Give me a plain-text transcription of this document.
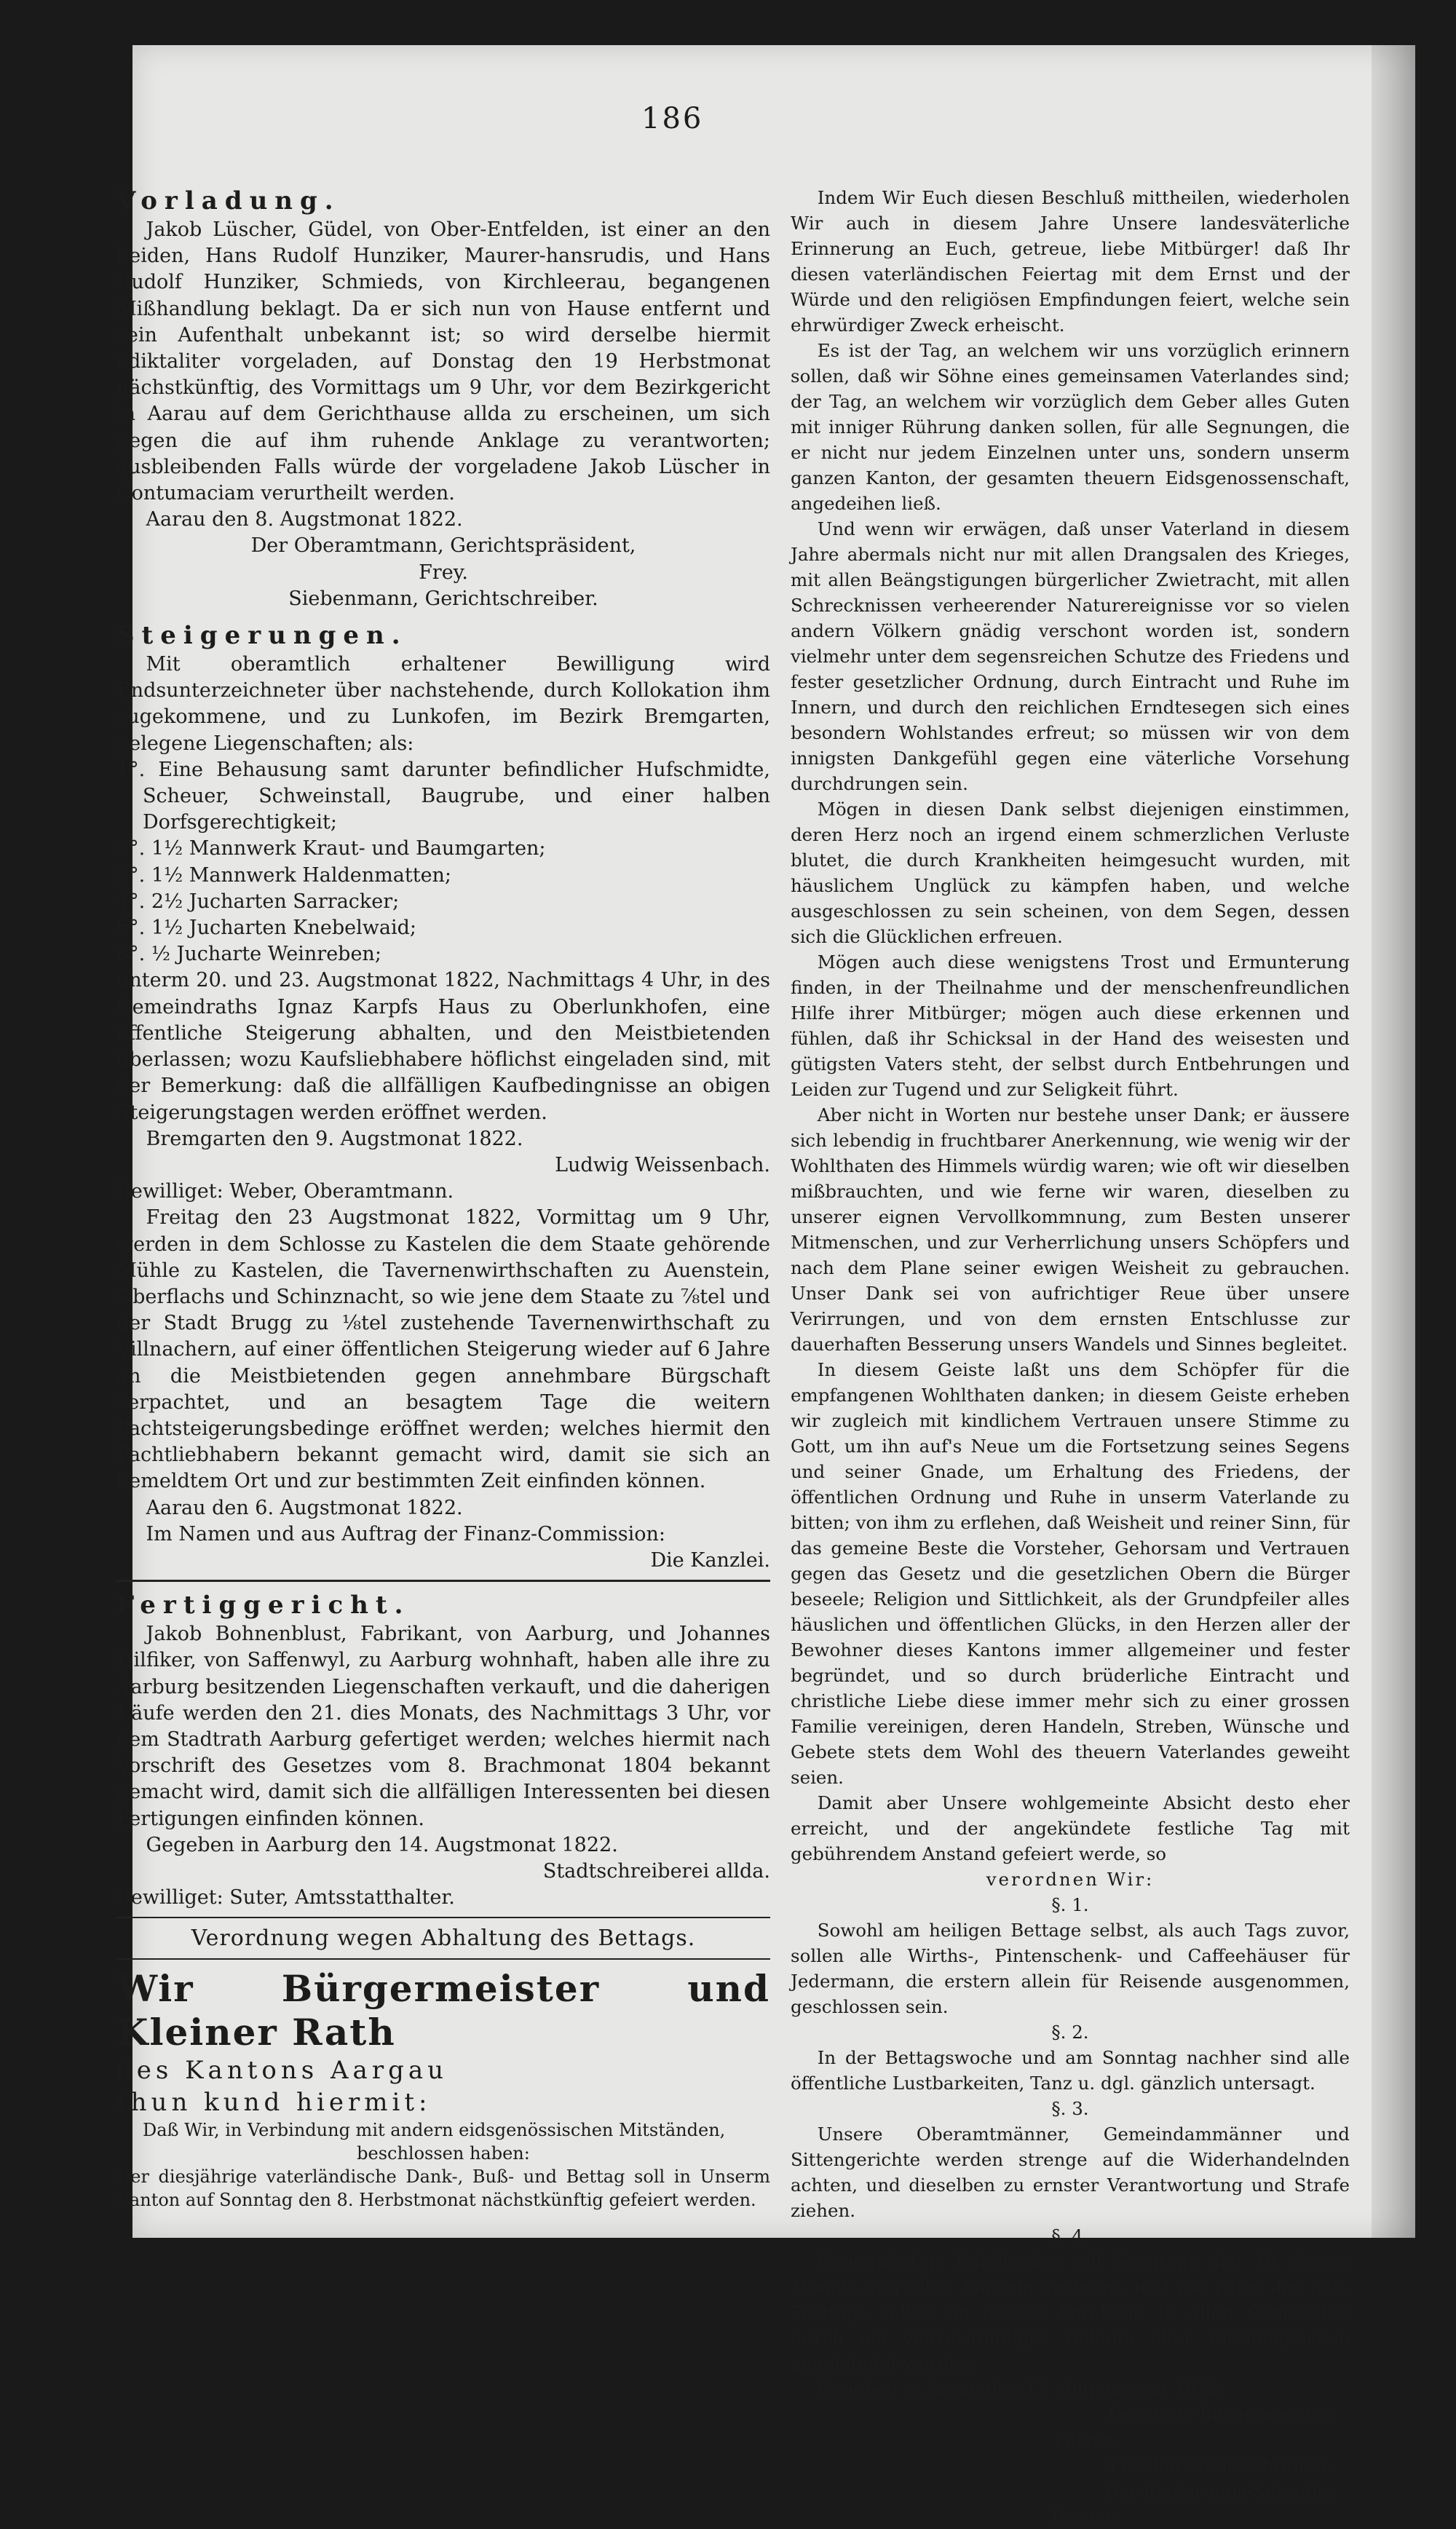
186

Vorladung.

Jakob Lüscher, Güdel, von Ober-Entfelden, ist einer an den beiden, Hans Rudolf Hunziker, Maurer-hansrudis, und Hans Rudolf Hunziker, Schmieds, von Kirchleerau, begangenen Mißhandlung beklagt. Da er sich nun von Hause entfernt und sein Aufenthalt unbekannt ist; so wird derselbe hiermit ediktaliter vorgeladen, auf Donstag den 19 Herbstmonat nächstkünftig, des Vormittags um 9 Uhr, vor dem Bezirkgericht in Aarau auf dem Gerichthause allda zu erscheinen, um sich gegen die auf ihm ruhende Anklage zu verantworten; ausbleibenden Falls würde der vorgeladene Jakob Lüscher in Contumaciam verurtheilt werden.

Aarau den 8. Augstmonat 1822.

Der Oberamtmann, Gerichtspräsident,

Frey.

Siebenmann, Gerichtschreiber.

Steigerungen.

Mit oberamtlich erhaltener Bewilligung wird Endsunterzeichneter über nachstehende, durch Kollokation ihm zugekommene, und zu Lunkofen, im Bezirk Bremgarten, gelegene Liegenschaften; als:

1°. Eine Behausung samt darunter befindlicher Hufschmidte, Scheuer, Schweinstall, Baugrube, und einer halben Dorfsgerechtigkeit;

2°. 1½ Mannwerk Kraut- und Baumgarten;

3°. 1½ Mannwerk Haldenmatten;

4°. 2½ Jucharten Sarracker;

5°. 1½ Jucharten Knebelwaid;

6°. ½ Jucharte Weinreben;

unterm 20. und 23. Augstmonat 1822, Nachmittags 4 Uhr, in des Gemeindraths Ignaz Karpfs Haus zu Oberlunkhofen, eine öffentliche Steigerung abhalten, und den Meistbietenden überlassen; wozu Kaufsliebhabere höflichst eingeladen sind, mit der Bemerkung: daß die allfälligen Kaufbedingnisse an obigen Steigerungstagen werden eröffnet werden.

Bremgarten den 9. Augstmonat 1822.

Ludwig Weissenbach.

Bewilliget: Weber, Oberamtmann.

Freitag den 23 Augstmonat 1822, Vormittag um 9 Uhr, werden in dem Schlosse zu Kastelen die dem Staate gehörende Mühle zu Kastelen, die Tavernenwirthschaften zu Auenstein, Oberflachs und Schinznacht, so wie jene dem Staate zu ⅞tel und der Stadt Brugg zu ⅛tel zustehende Tavernenwirthschaft zu Villnachern, auf einer öffentlichen Steigerung wieder auf 6 Jahre an die Meistbietenden gegen annehmbare Bürgschaft verpachtet, und an besagtem Tage die weitern Pachtsteigerungsbedinge eröffnet werden; welches hiermit den Pachtliebhabern bekannt gemacht wird, damit sie sich an bemeldtem Ort und zur bestimmten Zeit einfinden können.

Aarau den 6. Augstmonat 1822.

Im Namen und aus Auftrag der Finanz-Commission:

Die Kanzlei.

Fertiggericht.

Jakob Bohnenblust, Fabrikant, von Aarburg, und Johannes Hilfiker, von Saffenwyl, zu Aarburg wohnhaft, haben alle ihre zu Aarburg besitzenden Liegenschaften verkauft, und die daherigen Käufe werden den 21. dies Monats, des Nachmittags 3 Uhr, vor dem Stadtrath Aarburg gefertiget werden; welches hiermit nach Vorschrift des Gesetzes vom 8. Brachmonat 1804 bekannt gemacht wird, damit sich die allfälligen Interessenten bei diesen Fertigungen einfinden können.

Gegeben in Aarburg den 14. Augstmonat 1822.

Stadtschreiberei allda.

Bewilliget: Suter, Amtsstatthalter.

Verordnung wegen Abhaltung des Bettags.

Wir Bürgermeister und Kleiner Rath

des Kantons Aargau

thun kund hiermit:

Daß Wir, in Verbindung mit andern eidsgenössischen Mitständen,

beschlossen haben:

Der diesjährige vaterländische Dank-, Buß- und Bettag soll in Unserm Kanton auf Sonntag den 8. Herbstmonat nächstkünftig gefeiert werden.

Indem Wir Euch diesen Beschluß mittheilen, wiederholen Wir auch in diesem Jahre Unsere landesväterliche Erinnerung an Euch, getreue, liebe Mitbürger! daß Ihr diesen vaterländischen Feiertag mit dem Ernst und der Würde und den religiösen Empfindungen feiert, welche sein ehrwürdiger Zweck erheischt.

Es ist der Tag, an welchem wir uns vorzüglich erinnern sollen, daß wir Söhne eines gemeinsamen Vaterlandes sind; der Tag, an welchem wir vorzüglich dem Geber alles Guten mit inniger Rührung danken sollen, für alle Segnungen, die er nicht nur jedem Einzelnen unter uns, sondern unserm ganzen Kanton, der gesamten theuern Eidsgenossenschaft, angedeihen ließ.

Und wenn wir erwägen, daß unser Vaterland in diesem Jahre abermals nicht nur mit allen Drangsalen des Krieges, mit allen Beängstigungen bürgerlicher Zwietracht, mit allen Schrecknissen verheerender Naturereignisse vor so vielen andern Völkern gnädig verschont worden ist, sondern vielmehr unter dem segensreichen Schutze des Friedens und fester gesetzlicher Ordnung, durch Eintracht und Ruhe im Innern, und durch den reichlichen Erndtesegen sich eines besondern Wohlstandes erfreut; so müssen wir von dem innigsten Dankgefühl gegen eine väterliche Vorsehung durchdrungen sein.

Mögen in diesen Dank selbst diejenigen einstimmen, deren Herz noch an irgend einem schmerzlichen Verluste blutet, die durch Krankheiten heimgesucht wurden, mit häuslichem Unglück zu kämpfen haben, und welche ausgeschlossen zu sein scheinen, von dem Segen, dessen sich die Glücklichen erfreuen.

Mögen auch diese wenigstens Trost und Ermunterung finden, in der Theilnahme und der menschenfreundlichen Hilfe ihrer Mitbürger; mögen auch diese erkennen und fühlen, daß ihr Schicksal in der Hand des weisesten und gütigsten Vaters steht, der selbst durch Entbehrungen und Leiden zur Tugend und zur Seligkeit führt.

Aber nicht in Worten nur bestehe unser Dank; er äussere sich lebendig in fruchtbarer Anerkennung, wie wenig wir der Wohlthaten des Himmels würdig waren; wie oft wir dieselben mißbrauchten, und wie ferne wir waren, dieselben zu unserer eignen Vervollkommnung, zum Besten unserer Mitmenschen, und zur Verherrlichung unsers Schöpfers und nach dem Plane seiner ewigen Weisheit zu gebrauchen. Unser Dank sei von aufrichtiger Reue über unsere Verirrungen, und von dem ernsten Entschlusse zur dauerhaften Besserung unsers Wandels und Sinnes begleitet.

In diesem Geiste laßt uns dem Schöpfer für die empfangenen Wohlthaten danken; in diesem Geiste erheben wir zugleich mit kindlichem Vertrauen unsere Stimme zu Gott, um ihn auf's Neue um die Fortsetzung seines Segens und seiner Gnade, um Erhaltung des Friedens, der öffentlichen Ordnung und Ruhe in unserm Vaterlande zu bitten; von ihm zu erflehen, daß Weisheit und reiner Sinn, für das gemeine Beste die Vorsteher, Gehorsam und Vertrauen gegen das Gesetz und die gesetzlichen Obern die Bürger beseele; Religion und Sittlichkeit, als der Grundpfeiler alles häuslichen und öffentlichen Glücks, in den Herzen aller der Bewohner dieses Kantons immer allgemeiner und fester begründet, und so durch brüderliche Eintracht und christliche Liebe diese immer mehr sich zu einer grossen Familie vereinigen, deren Handeln, Streben, Wünsche und Gebete stets dem Wohl des theuern Vaterlandes geweiht seien.

Damit aber Unsere wohlgemeinte Absicht desto eher erreicht, und der angekündete festliche Tag mit gebührendem Anstand gefeiert werde, so

verordnen Wir:

§. 1.

Sowohl am heiligen Bettage selbst, als auch Tags zuvor, sollen alle Wirths-, Pintenschenk- und Caffeehäuser für Jedermann, die erstern allein für Reisende ausgenommen, geschlossen sein.

§. 2.

In der Bettagswoche und am Sonntag nachher sind alle öffentliche Lustbarkeiten, Tanz u. dgl. gänzlich untersagt.

§. 3.

Unsere Oberamtmänner, Gemeindammänner und Sittengerichte werden strenge auf die Widerhandelnden achten, und dieselben zu ernster Verantwortung und Strafe ziehen.

§. 4.

Gegenwärtige Publikation soll Sonntags den 18. dieses Monats von allen Kanzeln verlesen, und die Feier des heil. Festtags selbst an dessen Vorabend in allen Gemeinden durch ein viertelstündiges Geläute aller Kirchenglocken angekündet werden.

Gegeben in Aarau den 12. Augstmonat 1822.

Der Amts-Bürgermeister,

Fetzer.

Für den Staatsschreiber:

Der Regierungs-Sekretär,

Berner.
